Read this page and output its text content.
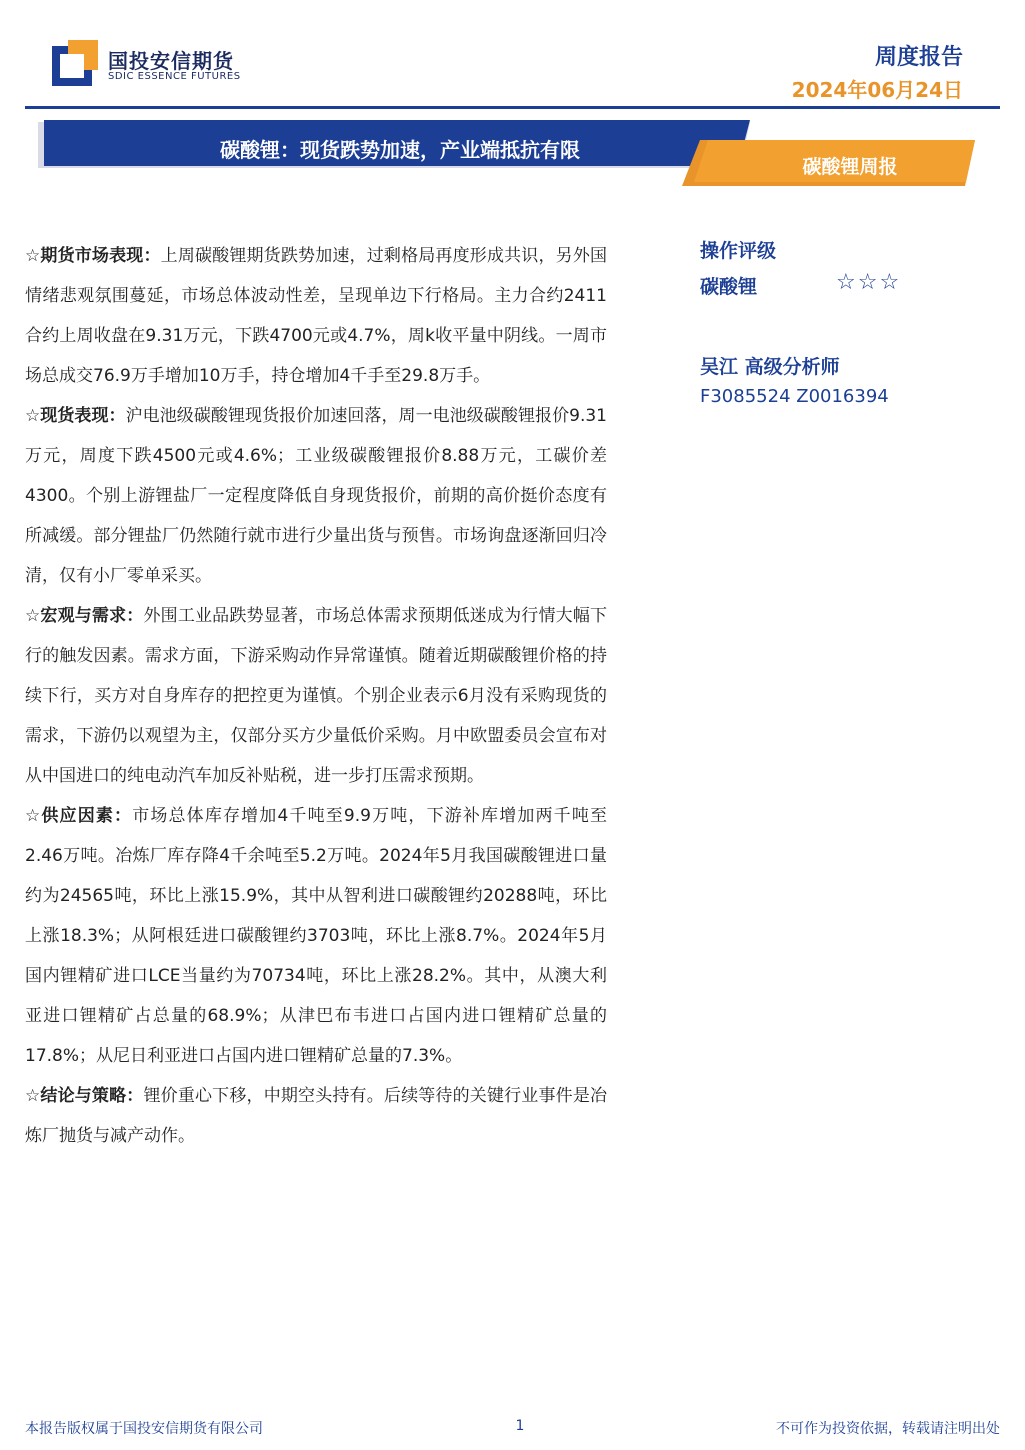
国投安信期货
SDIC ESSENCE FUTURES
周度报告
2024年06月24日
碳酸锂：现货跌势加速，产业端抵抗有限
碳酸锂周报

☆期货市场表现：上周碳酸锂期货跌势加速，过剩格局再度形成共识，另外国情绪悲观氛围蔓延，市场总体波动性差，呈现单边下行格局。主力合约2411合约上周收盘在9.31万元，下跌4700元或4.7%，周k收平量中阴线。一周市场总成交76.9万手增加10万手，持仓增加4千手至29.8万手。

☆现货表现：沪电池级碳酸锂现货报价加速回落，周一电池级碳酸锂报价9.31万元，周度下跌4500元或4.6%；工业级碳酸锂报价8.88万元，工碳价差4300。个别上游锂盐厂一定程度降低自身现货报价，前期的高价挺价态度有所减缓。部分锂盐厂仍然随行就市进行少量出货与预售。市场询盘逐渐回归冷清，仅有小厂零单采买。

☆宏观与需求：外围工业品跌势显著，市场总体需求预期低迷成为行情大幅下行的触发因素。需求方面，下游采购动作异常谨慎。随着近期碳酸锂价格的持续下行，买方对自身库存的把控更为谨慎。个别企业表示6月没有采购现货的需求，下游仍以观望为主，仅部分买方少量低价采购。月中欧盟委员会宣布对从中国进口的纯电动汽车加反补贴税，进一步打压需求预期。

☆供应因素：市场总体库存增加4千吨至9.9万吨，下游补库增加两千吨至2.46万吨。冶炼厂库存降4千余吨至5.2万吨。2024年5月我国碳酸锂进口量约为24565吨，环比上涨15.9%，其中从智利进口碳酸锂约20288吨，环比上涨18.3%；从阿根廷进口碳酸锂约3703吨，环比上涨8.7%。2024年5月国内锂精矿进口LCE当量约为70734吨，环比上涨28.2%。其中，从澳大利亚进口锂精矿占总量的68.9%；从津巴布韦进口占国内进口锂精矿总量的17.8%；从尼日利亚进口占国内进口锂精矿总量的7.3%。

☆结论与策略：锂价重心下移，中期空头持有。后续等待的关键行业事件是冶炼厂抛货与减产动作。

操作评级
碳酸锂	☆☆☆
吴江 高级分析师
F3085524 Z0016394
本报告版权属于国投安信期货有限公司	1	不可作为投资依据，转载请注明出处
